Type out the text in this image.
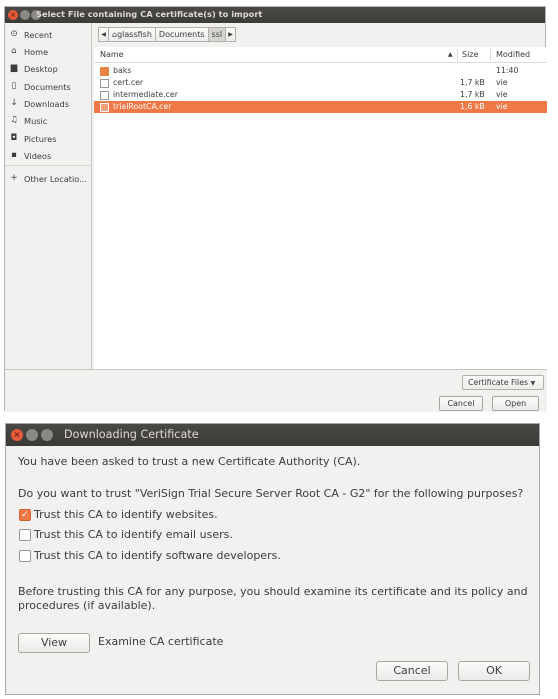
× Select File containing CA certificate(s) to import
⊙ Recent
⌂ Home
▆ Desktop
▯ Documents
↓ Downloads
♫ Music
◘ Pictures
▪ Videos
+ Other Locatio...
◀ ⌂glassfish Documents ssl	▶
Name	▲ Size Modified
baks	11:40
cert.cer	1,7 kB vie
intermediate.cer	1,7 kB vie
trialRootCA.cer	1,6 kB vie
Certificate Files ▼
Cancel	Open
×	Downloading Certificate
You have been asked to trust a new Certificate Authority (CA).
Do you want to trust "VeriSign Trial Secure Server Root CA - G2" for the following purposes?
✓ Trust this CA to identify websites.
Trust this CA to identify email users.
Trust this CA to identify software developers.
Before trusting this CA for any purpose, you should examine its certificate and its policy and
procedures (if available).
View	Examine CA certificate
Cancel	OK
